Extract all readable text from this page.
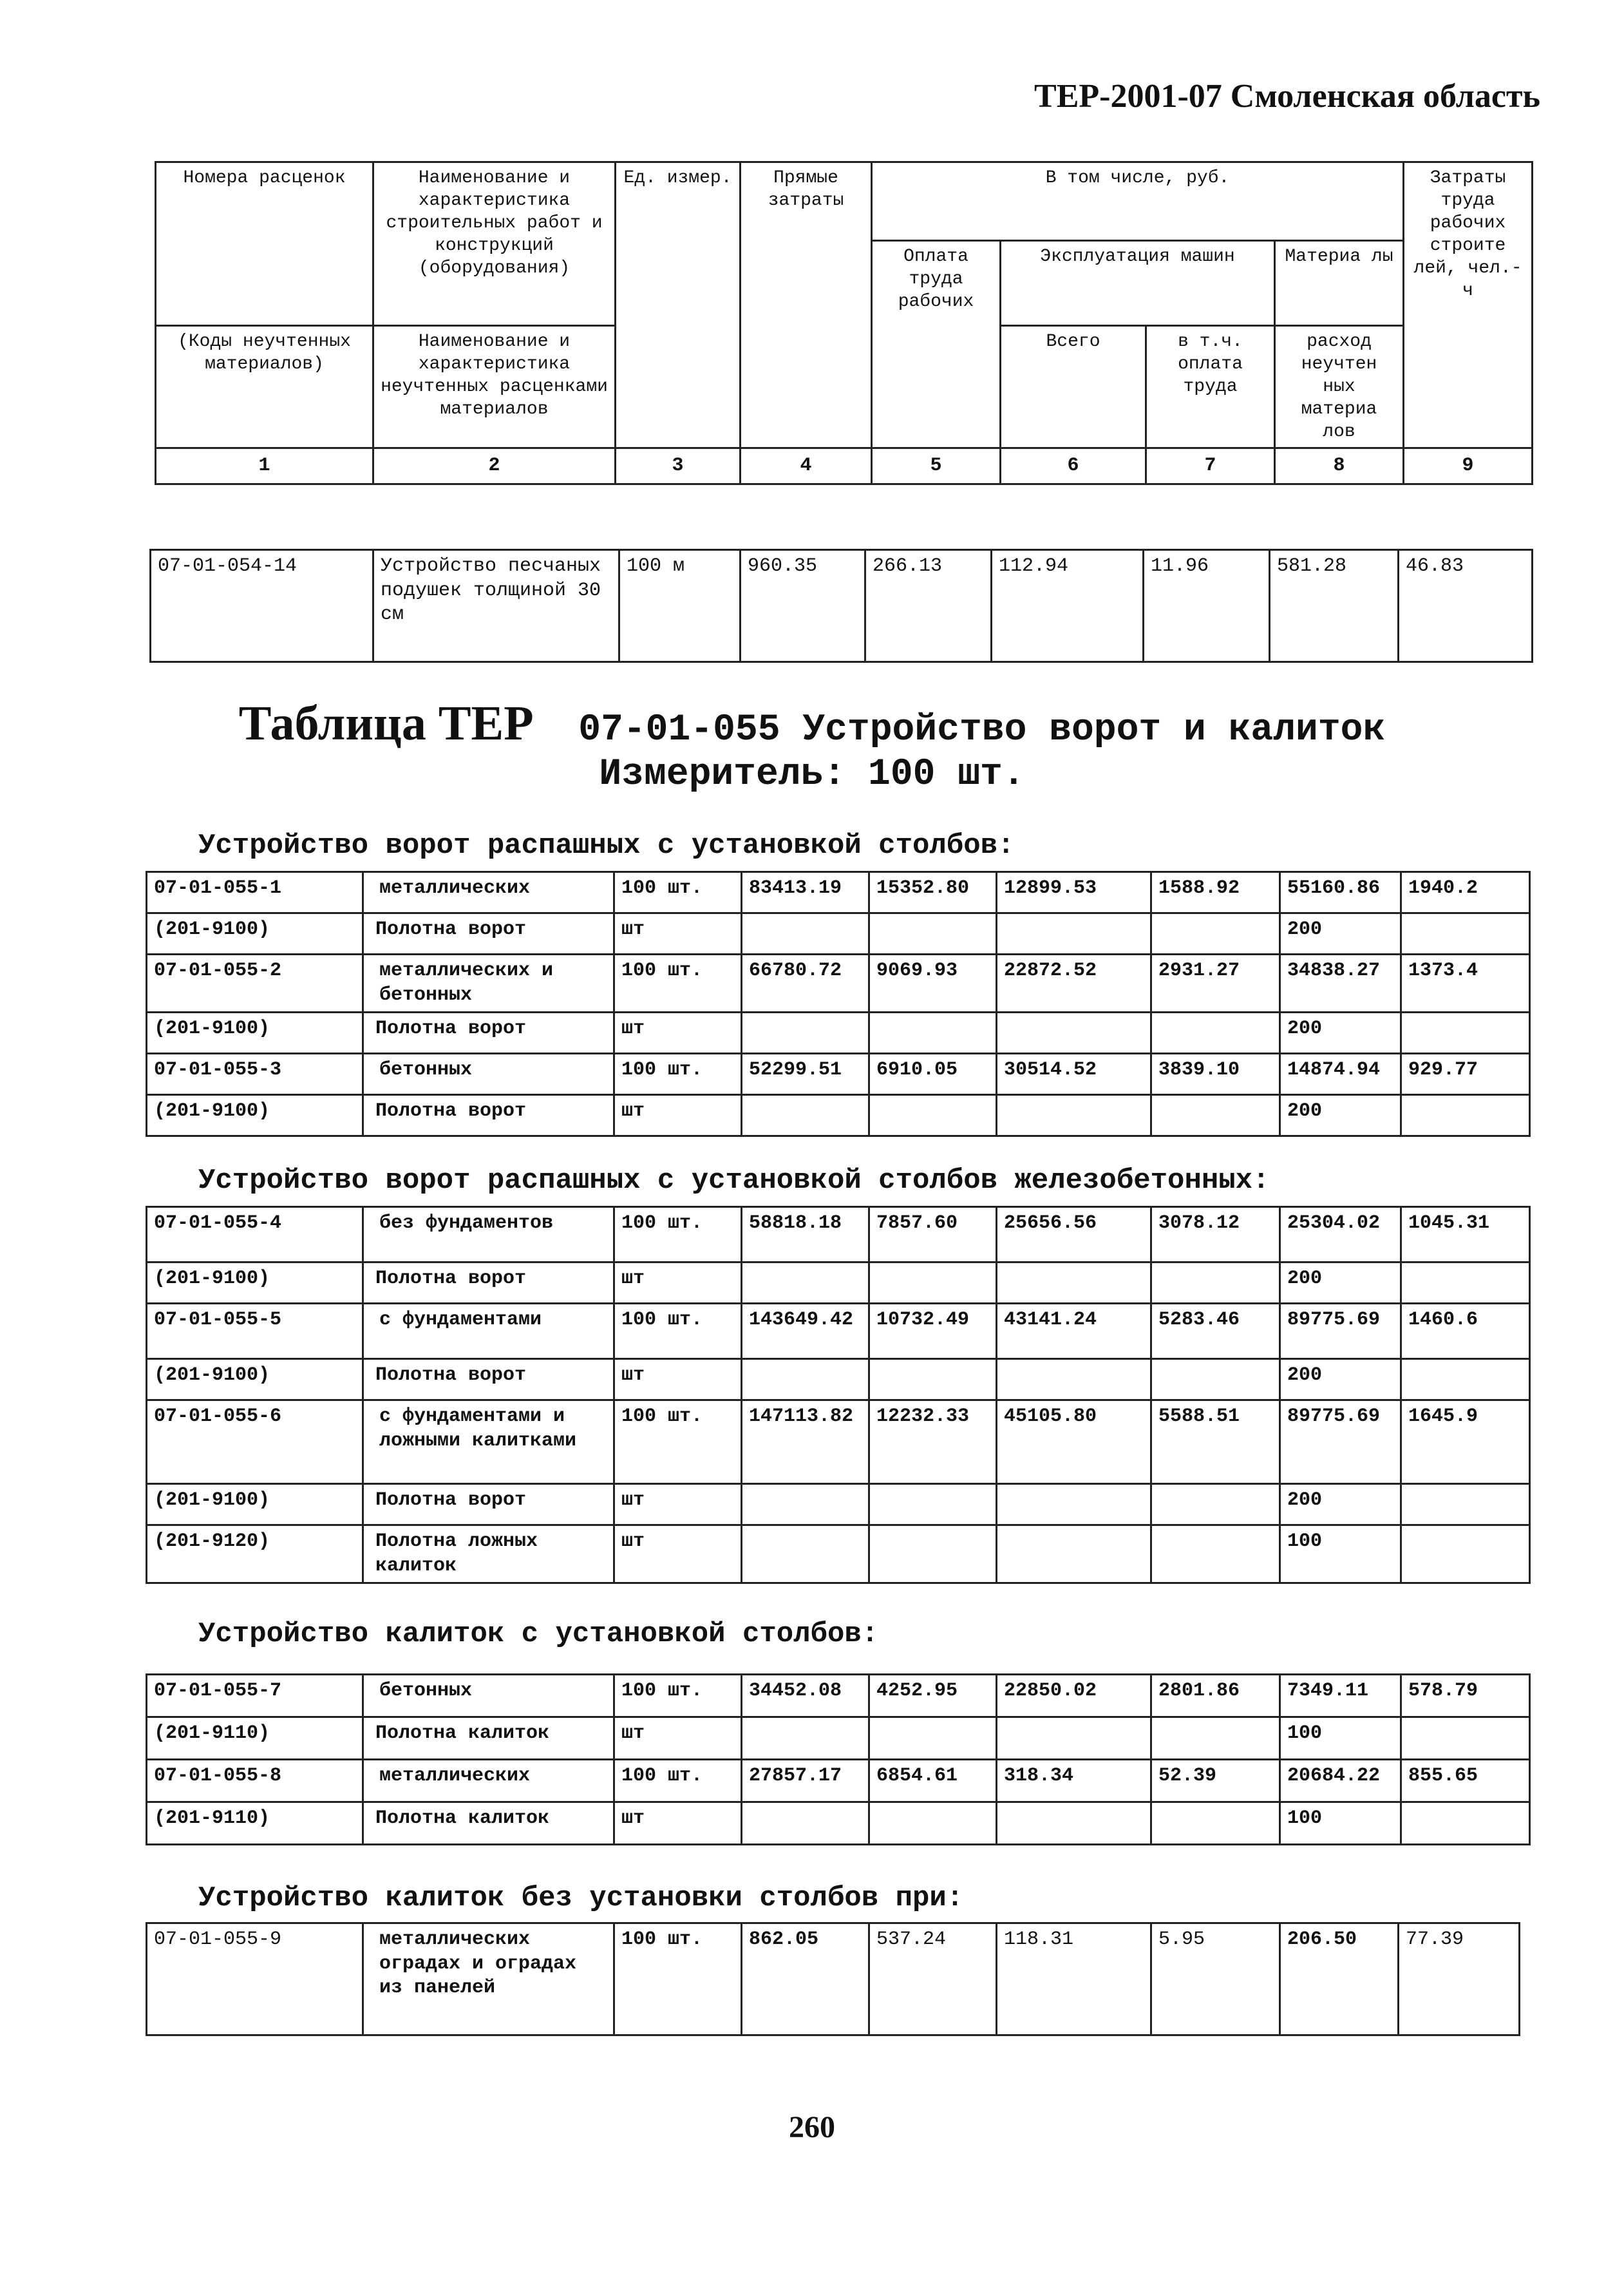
ТЕР-2001-07 Смоленская область
Номера расценок	Наименование и характеристика строительных работ и конструкций (оборудования)	Ед. измер.	Прямые затраты	В том числе, руб.				Затраты труда рабочих строите лей, чел.-ч
				Оплата труда рабочих	Эксплуатация машин		Материа лы	
(Коды неучтенных материалов)	Наименование и характеристика неучтенных расценками материалов				Всего	в т.ч. оплата труда	расход неучтен ных материа лов	

1	2	3	4	5	6	7	8	9
07-01-054-14	Устройство песчаных подушек толщиной 30 см	100 м	960.35	266.13	112.94	11.96	581.28	46.83
Таблица ТЕР 07-01-055 Устройство ворот и калиток
Измеритель: 100 шт.
Устройство ворот распашных с установкой столбов:
07-01-055-1	металлических	100 шт.	83413.19	15352.80	12899.53	1588.92	55160.86	1940.2
(201-9100)	Полотна ворот	шт					200	
07-01-055-2	металлических и бетонных	100 шт.	66780.72	9069.93	22872.52	2931.27	34838.27	1373.4
(201-9100)	Полотна ворот	шт					200	
07-01-055-3	бетонных	100 шт.	52299.51	6910.05	30514.52	3839.10	14874.94	929.77
(201-9100)	Полотна ворот	шт					200	
Устройство ворот распашных с установкой столбов железобетонных:
07-01-055-4	без фундаментов	100 шт.	58818.18	7857.60	25656.56	3078.12	25304.02	1045.31
(201-9100)	Полотна ворот	шт					200	
07-01-055-5	с фундаментами	100 шт.	143649.42	10732.49	43141.24	5283.46	89775.69	1460.6
(201-9100)	Полотна ворот	шт					200	
07-01-055-6	с фундаментами и ложными калитками	100 шт.	147113.82	12232.33	45105.80	5588.51	89775.69	1645.9
(201-9100)	Полотна ворот	шт					200	
(201-9120)	Полотна ложных калиток	шт					100	
Устройство калиток с установкой столбов:
07-01-055-7	бетонных	100 шт.	34452.08	4252.95	22850.02	2801.86	7349.11	578.79
(201-9110)	Полотна калиток	шт					100	
07-01-055-8	металлических	100 шт.	27857.17	6854.61	318.34	52.39	20684.22	855.65
(201-9110)	Полотна калиток	шт					100	
Устройство калиток без установки столбов при:
07-01-055-9	металлических оградах и оградах из панелей	100 шт.	862.05	537.24	118.31	5.95	206.50	77.39
260
